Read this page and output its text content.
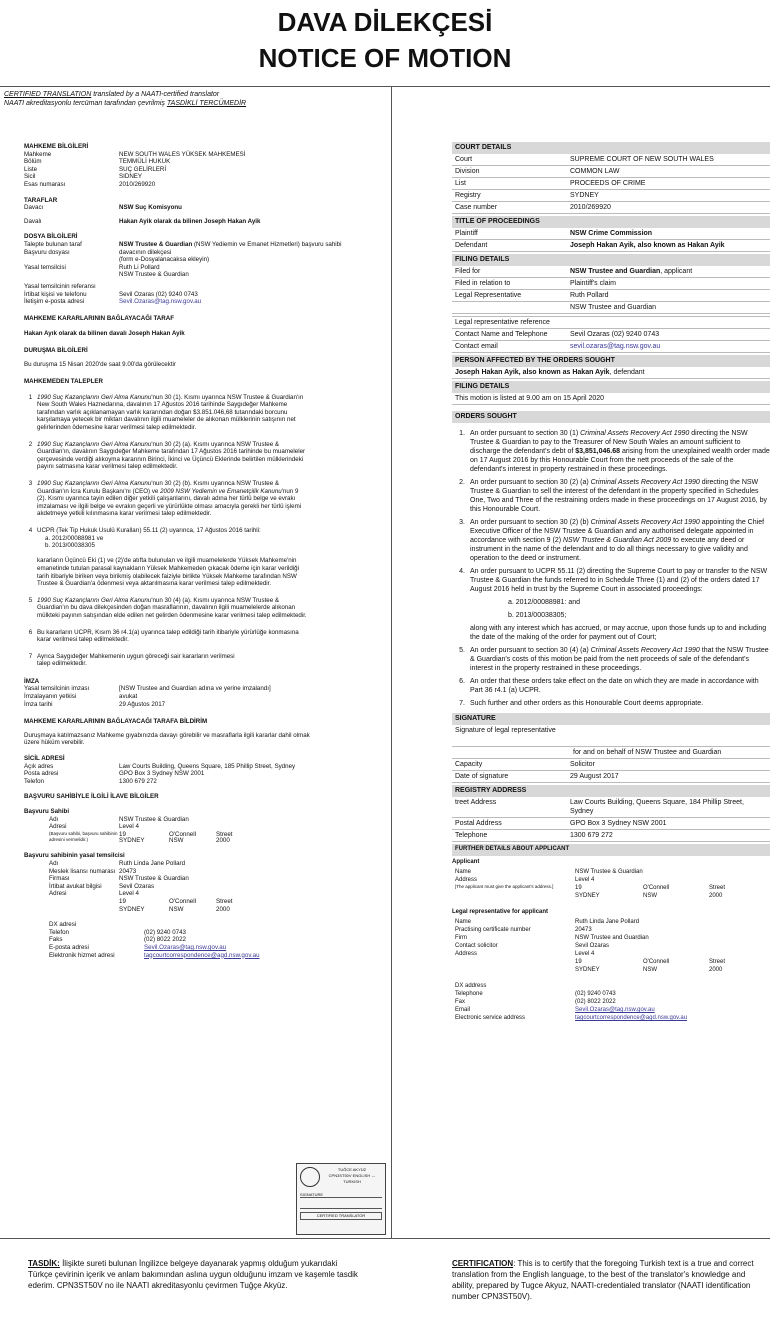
DAVA DİLEKÇESİ
NOTICE OF MOTION
CERTIFIED TRANSLATION translated by a NAATI-certified translator
NAATI akreditasyonlu tercüman tarafından çevrilmiş TASDİKLİ TERCÜMEDİR
MAHKEME BİLGİLERİ
Mahkeme	NEW SOUTH WALES YÜKSEK MAHKEMESİ
Bölüm	TEMMÜLİ HUKUK
Liste	SUÇ GELİRLERİ
Sicil	SIDNEY
Esas numarası	2010/269920
TARAFLAR
Davacı	NSW Suç Komisyonu
Davalı	Hakan Ayik olarak da bilinen Joseph Hakan Ayik
DOSYA BİLGİLERİ
Talepte bulunan taraf	NSW Trustee & Guardian (NSW Yediemin ve Emanet Hizmetleri) başvuru sahibi
Başvuru dosyası	davacının dilekçesi
(form e-Dosyalanacaksa ekleyin)
Yasal temsilcisi	Ruth Li Pollard
NSW Trustee & Guardian
Yasal temsilcinin referansı
İrtibat kişisi ve telefonu	Sevil Ozaras (02) 9240 0743
İletişim e-posta adresi	Sevil.Ozaras@tag.nsw.gov.au
MAHKEME KARARLARININ BAĞLAYACAĞI TARAF
Hakan Ayık olarak da bilinen davalı Joseph Hakan Ayik
DURUŞMA BİLGİLERİ
Bu duruşma 15 Nisan 2020'de saat 9.00'da görülecektir
MAHKEMEDEN TALEPLER
1 1990 Suç Kazançlarını Geri Alma Kanunu'nun 30 (1). Kısmı uyarınca NSW Trustee & Guardian'ın New South Wales Haznedarına, davalının 17 Ağustos 2016 tarihinde Saygıdeğer Mahkeme tarafından varlık açıklanamayan varlık kararından doğan $3.851.046,68 tutarındaki borcunu karşılamaya yetecek bir miktarı davalının ilgili muameleler de alıkonan mülklerinin satışının net gelirlerinden ödemesine karar verilmesi talep edilmektedir.
2 1990 Suç Kazançlarını Geri Alma Kanunu'nun 30 (2) (a). Kısmı uyarınca NSW Trustee & Guardian'ın, davalının Saygıdeğer Mahkeme tarafından 17 Ağustos 2016 tarihinde bu muameleler çerçevesinde verdiği alıkoyma kararının Birinci, İkinci ve Üçüncü Eklerinde belirtilen mülklerindeki payını satmasına karar verilmesi talep edilmektedir.
3 1990 Suç Kazançlarını Geri Alma Kanunu'nun 30 (2) (b). Kısmı uyarınca NSW Trustee & Guardian'ın İcra Kurulu Başkanı'nı (CEO) ve 2009 NSW Yediemin ve Emanetçilik Kanunu'nun 9 (2). Kısmı uyarınca tayin edilen diğer yetkili çalışanlarını, davalı adına her türlü belge ve evrakı imzalaması ve ilgili belge ve evrakın geçerli ve yürürlükte olması amacıyla gerekli her türlü işlemi akdetmeye yetkili kılınmasına karar verilmesi talep edilmektedir.
4 UCPR (Tek Tip Hukuk Usulü Kuralları) 55.11 (2) uyarınca, 17 Ağustos 2016 tarihli:
a. 2012/00088981 ve
b. 2013/00038305

kararların Üçüncü Eki (1) ve (2)'de atıfta bulunulan ve ilgili muamelelerde Yüksek Mahkeme'nin emanetinde tutulan parasal kaynakların Yüksek Mahkemeden çıkacak ödeme için karar verildiği tarih itibariyle biriken veya birikmiş olabilecek faiziyle birlikte Yüksek Mahkeme tarafından NSW Trustee & Guardian'a ödenmesi veya aktarılmasına karar verilmesi talep edilmektedir.
5 1990 Suç Kazançlarını Geri Alma Kanunu'nun 30 (4) (a). Kısmı uyarınca NSW Trustee & Guardian'ın bu dava dilekçesinden doğan masraflarının, davalının ilgili muamelelerde alıkonan mülkteki payının satışından elde edilen net gelirden ödenmesine karar verilmesi talep edilmektedir.
6 Bu kararların UCPR, Kısım 36 r4.1(a) uyarınca talep edildiği tarih itibariyle yürürlüğe konmasına karar verilmesi talep edilmektedir.
7 Ayrıca Saygıdeğer Mahkemenin uygun göreceği sair kararların verilmesi talep edilmektedir.
İMZA
Yasal temsilcinin imzası	[NSW Trustee and Guardian adına ve yerine imzalandı]
İmzalayanın yetkisi	avukat
İmza tarihi	29 Ağustos 2017
MAHKEME KARARLARININ BAĞLAYACAĞI TARAFA BİLDİRİM
Duruşmaya katılmazsanız Mahkeme gıyabınızda davayı görebilir ve masraflarla ilgili kararlar dahil olmak üzere hüküm verebilir.
SİCİL ADRESİ
Açık adres	Law Courts Building, Queens Square, 185 Phillip Street, Sydney
Posta adresi	GPO Box 3 Sydney NSW 2001
Telefon	1300 679 272
BAŞVURU SAHİBİYLE İLGİLİ İLAVE BİLGİLER
Başvuru Sahibi
Adı	NSW Trustee & Guardian
Adresi	Level 4
(Başvuru sahibi, başvuru sahibinin adresini vermelidir.)
19	O'Connell	Street
SYDNEY	NSW	2000
Başvuru sahibinin yasal temsilcisi
Adı	Ruth Linda Jane Pollard
Meslek lisansı numarası 20473
Firması	NSW Trustee & Guardian
İrtibat avukat bilgisi	Sevil Ozaras
Adresi	Level 4
19	O'Connell	Street
SYDNEY	NSW	2000
DX adresi
Telefon	(02) 9240 0743
Faks	(02) 8022 2022
E-posta adresi	Sevil.Ozaras@tag.nsw.gov.au
Elektronik hizmet adresi	tagcourtcorrespondence@agd.nsw.gov.au
TUĞCE AKYÜZ
CPN3ST50V ENGLISH ↔ TURKISH
SIGNATURE
CERTIFIED TRANSLATOR
COURT DETAILS
Court	SUPREME COURT OF NEW SOUTH WALES
Division	COMMON LAW
List	PROCEEDS OF CRIME
Registry	SYDNEY
Case number	2010/269920
TITLE OF PROCEEDINGS
Plaintiff	NSW Crime Commission
Defendant	Joseph Hakan Ayik, also known as Hakan Ayik
FILING DETAILS
Filed for	NSW Trustee and Guardian, applicant
Filed in relation to	Plaintiff's claim
Legal Representative	Ruth Pollard
NSW Trustee and Guardian
Legal representative reference
Contact Name and Telephone	Sevil Ozaras (02) 9240 0743
Contact email	sevil.ozaras@tag.nsw.gov.au
PERSON AFFECTED BY THE ORDERS SOUGHT
Joseph Hakan Ayik, also known as Hakan Ayik, defendant
FILING DETAILS
This motion is listed at 9.00 am on 15 April 2020
ORDERS SOUGHT
1. An order pursuant to section 30 (1) Criminal Assets Recovery Act 1990 directing the NSW Trustee & Guardian to pay to the Treasurer of New South Wales an amount sufficient to discharge the defendant's debt of $3,851,046.68 arising from the unexplained wealth order made on 17 August 2016 by this Honourable Court from the nett proceeds of the sale of the defendant's interest in property restrained in these proceedings.
2. An order pursuant to section 30 (2) (a) Criminal Assets Recovery Act 1990 directing the NSW Trustee & Guardian to sell the interest of the defendant in the property specified in Schedules One, Two and Three of the restraining orders made in these proceedings on 17 August 2016, by this Honourable Court.
3. An order pursuant to section 30 (2) (b) Criminal Assets Recovery Act 1990 appointing the Chief Executive Officer of the NSW Trustee & Guardian and any authorised delegate appointed in accordance with section 9 (2) NSW Trustee & Guardian Act 2009 to execute any deed or instrument in the name of the defendant and to do all things necessary to give validity and operation to the deed or instrument.
4. An order pursuant to UCPR 55.11 (2) directing the Supreme Court to pay or transfer to the NSW Trustee & Guardian the funds referred to in Schedule Three (1) and (2) of the orders dated 17 August 2016 held in trust by the Supreme Court in associated proceedings:

a. 2012/00088981: and
b. 2013/00038305;
along with any interest which has accrued, or may accrue, upon those funds up to and including the date of the making of the order for payment out of Court;
5. An order pursuant to section 30 (4) (a) Criminal Assets Recovery Act 1990 that the NSW Trustee & Guardian's costs of this motion be paid from the nett proceeds of sale of the defendant's interest in the property restrained in these proceedings.
6. An order that these orders take effect on the date on which they are made in accordance with Part 36 r4.1 (a) UCPR.
7. Such further and other orders as this Honourable Court deems appropriate.
SIGNATURE
Signature of legal representative
for and on behalf of NSW Trustee and Guardian
Capacity	Solicitor
Date of signature	29 August 2017
REGISTRY ADDRESS
treet Address	Law Courts Building, Queens Square, 184 Phillip Street, Sydney
Postal Address	GPO Box 3 Sydney NSW 2001
Telephone	1300 679 272
FURTHER DETAILS ABOUT APPLICANT
Applicant
Name	NSW Trustee & Guardian
Address	Level 4
[The applicant must give the applicant's address.]	19	O'Connell	Street
SYDNEY	NSW	2000
Legal representative for applicant
Name	Ruth Linda Jane Pollard
Practising certificate number	20473
Firm	NSW Trustee and Guardian
Contact solicitor	Sevil Ozaras
Address	Level 4
19	O'Connell	Street
SYDNEY	NSW	2000
DX address
Telephone	(02) 9240 0743
Fax	(02) 8022 2022
Email	Sevil.Ozaras@tag.nsw.gov.au
Electronic service address	tagcourtcorrespondence@agd.nsw.gov.au
TASDİK: İlişikte sureti bulunan İngilizce belgeye dayanarak yapmış olduğum yukarıdaki Türkçe çevirinin içerik ve anlam bakımından aslına uygun olduğunu imzam ve kaşemle tasdik ederim. CPN3ST50V no ile NAATI akreditasyonlu çevirmen Tuğçe Akyüz.
CERTIFICATION: This is to certify that the foregoing Turkish text is a true and correct translation from the English language, to the best of the translator's knowledge and ability, prepared by Tugce Akyuz, NAATI-credentialed translator (NAATI identification number CPN3ST50V).
